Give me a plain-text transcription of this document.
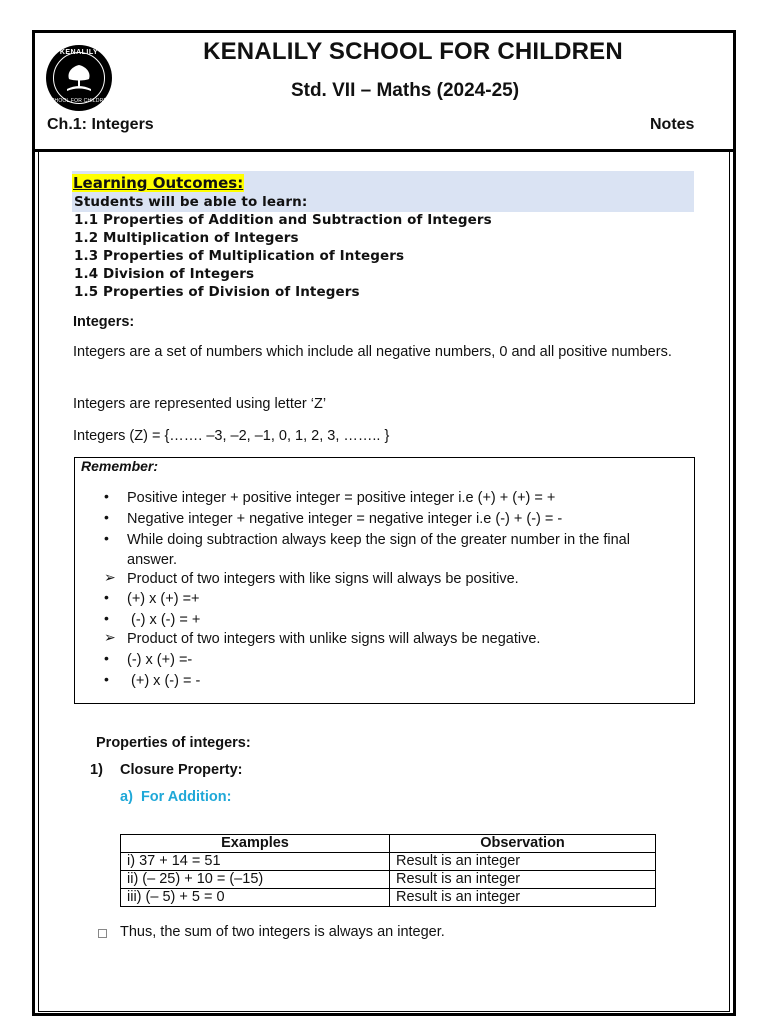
KENALILY
SCHOOL FOR CHILDREN
KENALILY SCHOOL FOR CHILDREN
Std. VII – Maths (2024-25)
Ch.1: Integers	Notes
Learning Outcomes:
Students will be able to learn:
1.1 Properties of Addition and Subtraction of Integers
1.2 Multiplication of Integers
1.3 Properties of Multiplication of Integers
1.4 Division of Integers
1.5 Properties of Division of Integers
Integers:
Integers are a set of numbers which include all negative numbers, 0 and all positive numbers.
Integers are represented using letter ‘Z’
Integers (Z) = {……. –3, –2, –1, 0, 1, 2, 3, …….. }
Remember:
• Positive integer + positive integer = positive integer i.e (+) + (+) = +
• Negative integer + negative integer = negative integer i.e (-) + (-) = -
• While doing subtraction always keep the sign of the greater number in the final answer.
➢ Product of two integers with like signs will always be positive.
• (+) x (+) =+
• (-) x (-) = +
➢ Product of two integers with unlike signs will always be negative.
• (-) x (+) =-
• (+) x (-) = -
Properties of integers:
1) Closure Property:
a)  For Addition:
Examples	Observation
i) 37 + 14 = 51	Result is an integer
ii) (– 25) + 10 = (–15)	Result is an integer
iii) (– 5) + 5 = 0	Result is an integer
Thus, the sum of two integers is always an integer.
